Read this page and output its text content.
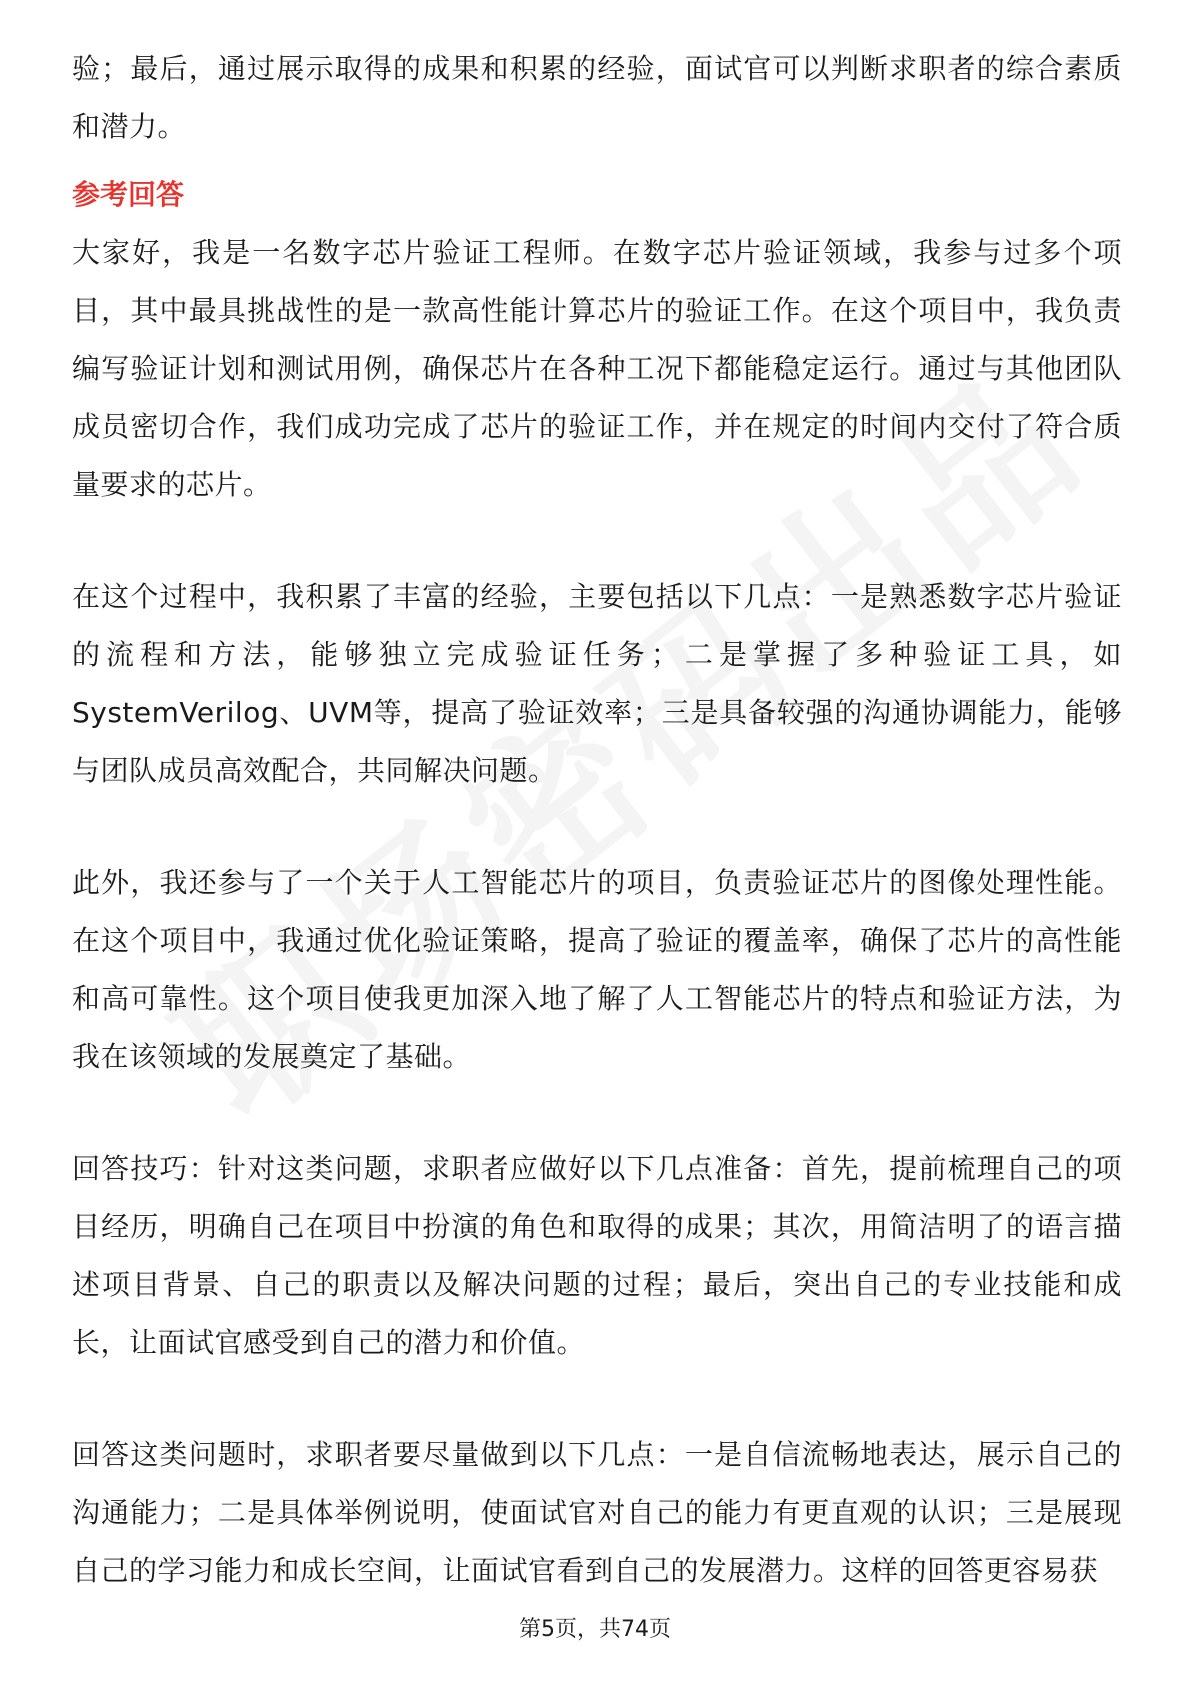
验；最后，通过展示取得的成果和积累的经验，面试官可以判断求职者的综合素质和潜力。

参考回答

大家好，我是一名数字芯片验证工程师。在数字芯片验证领域，我参与过多个项目，其中最具挑战性的是一款高性能计算芯片的验证工作。在这个项目中，我负责编写验证计划和测试用例，确保芯片在各种工况下都能稳定运行。通过与其他团队成员密切合作，我们成功完成了芯片的验证工作，并在规定的时间内交付了符合质量要求的芯片。

在这个过程中，我积累了丰富的经验，主要包括以下几点：一是熟悉数字芯片验证的流程和方法，能够独立完成验证任务；二是掌握了多种验证工具，如SystemVerilog、UVM等，提高了验证效率；三是具备较强的沟通协调能力，能够与团队成员高效配合，共同解决问题。

此外，我还参与了一个关于人工智能芯片的项目，负责验证芯片的图像处理性能。在这个项目中，我通过优化验证策略，提高了验证的覆盖率，确保了芯片的高性能和高可靠性。这个项目使我更加深入地了解了人工智能芯片的特点和验证方法，为我在该领域的发展奠定了基础。

回答技巧：针对这类问题，求职者应做好以下几点准备：首先，提前梳理自己的项目经历，明确自己在项目中扮演的角色和取得的成果；其次，用简洁明了的语言描述项目背景、自己的职责以及解决问题的过程；最后，突出自己的专业技能和成长，让面试官感受到自己的潜力和价值。

回答这类问题时，求职者要尽量做到以下几点：一是自信流畅地表达，展示自己的沟通能力；二是具体举例说明，使面试官对自己的能力有更直观的认识；三是展现自己的学习能力和成长空间，让面试官看到自己的发展潜力。这样的回答更容易获

第5页，共74页
